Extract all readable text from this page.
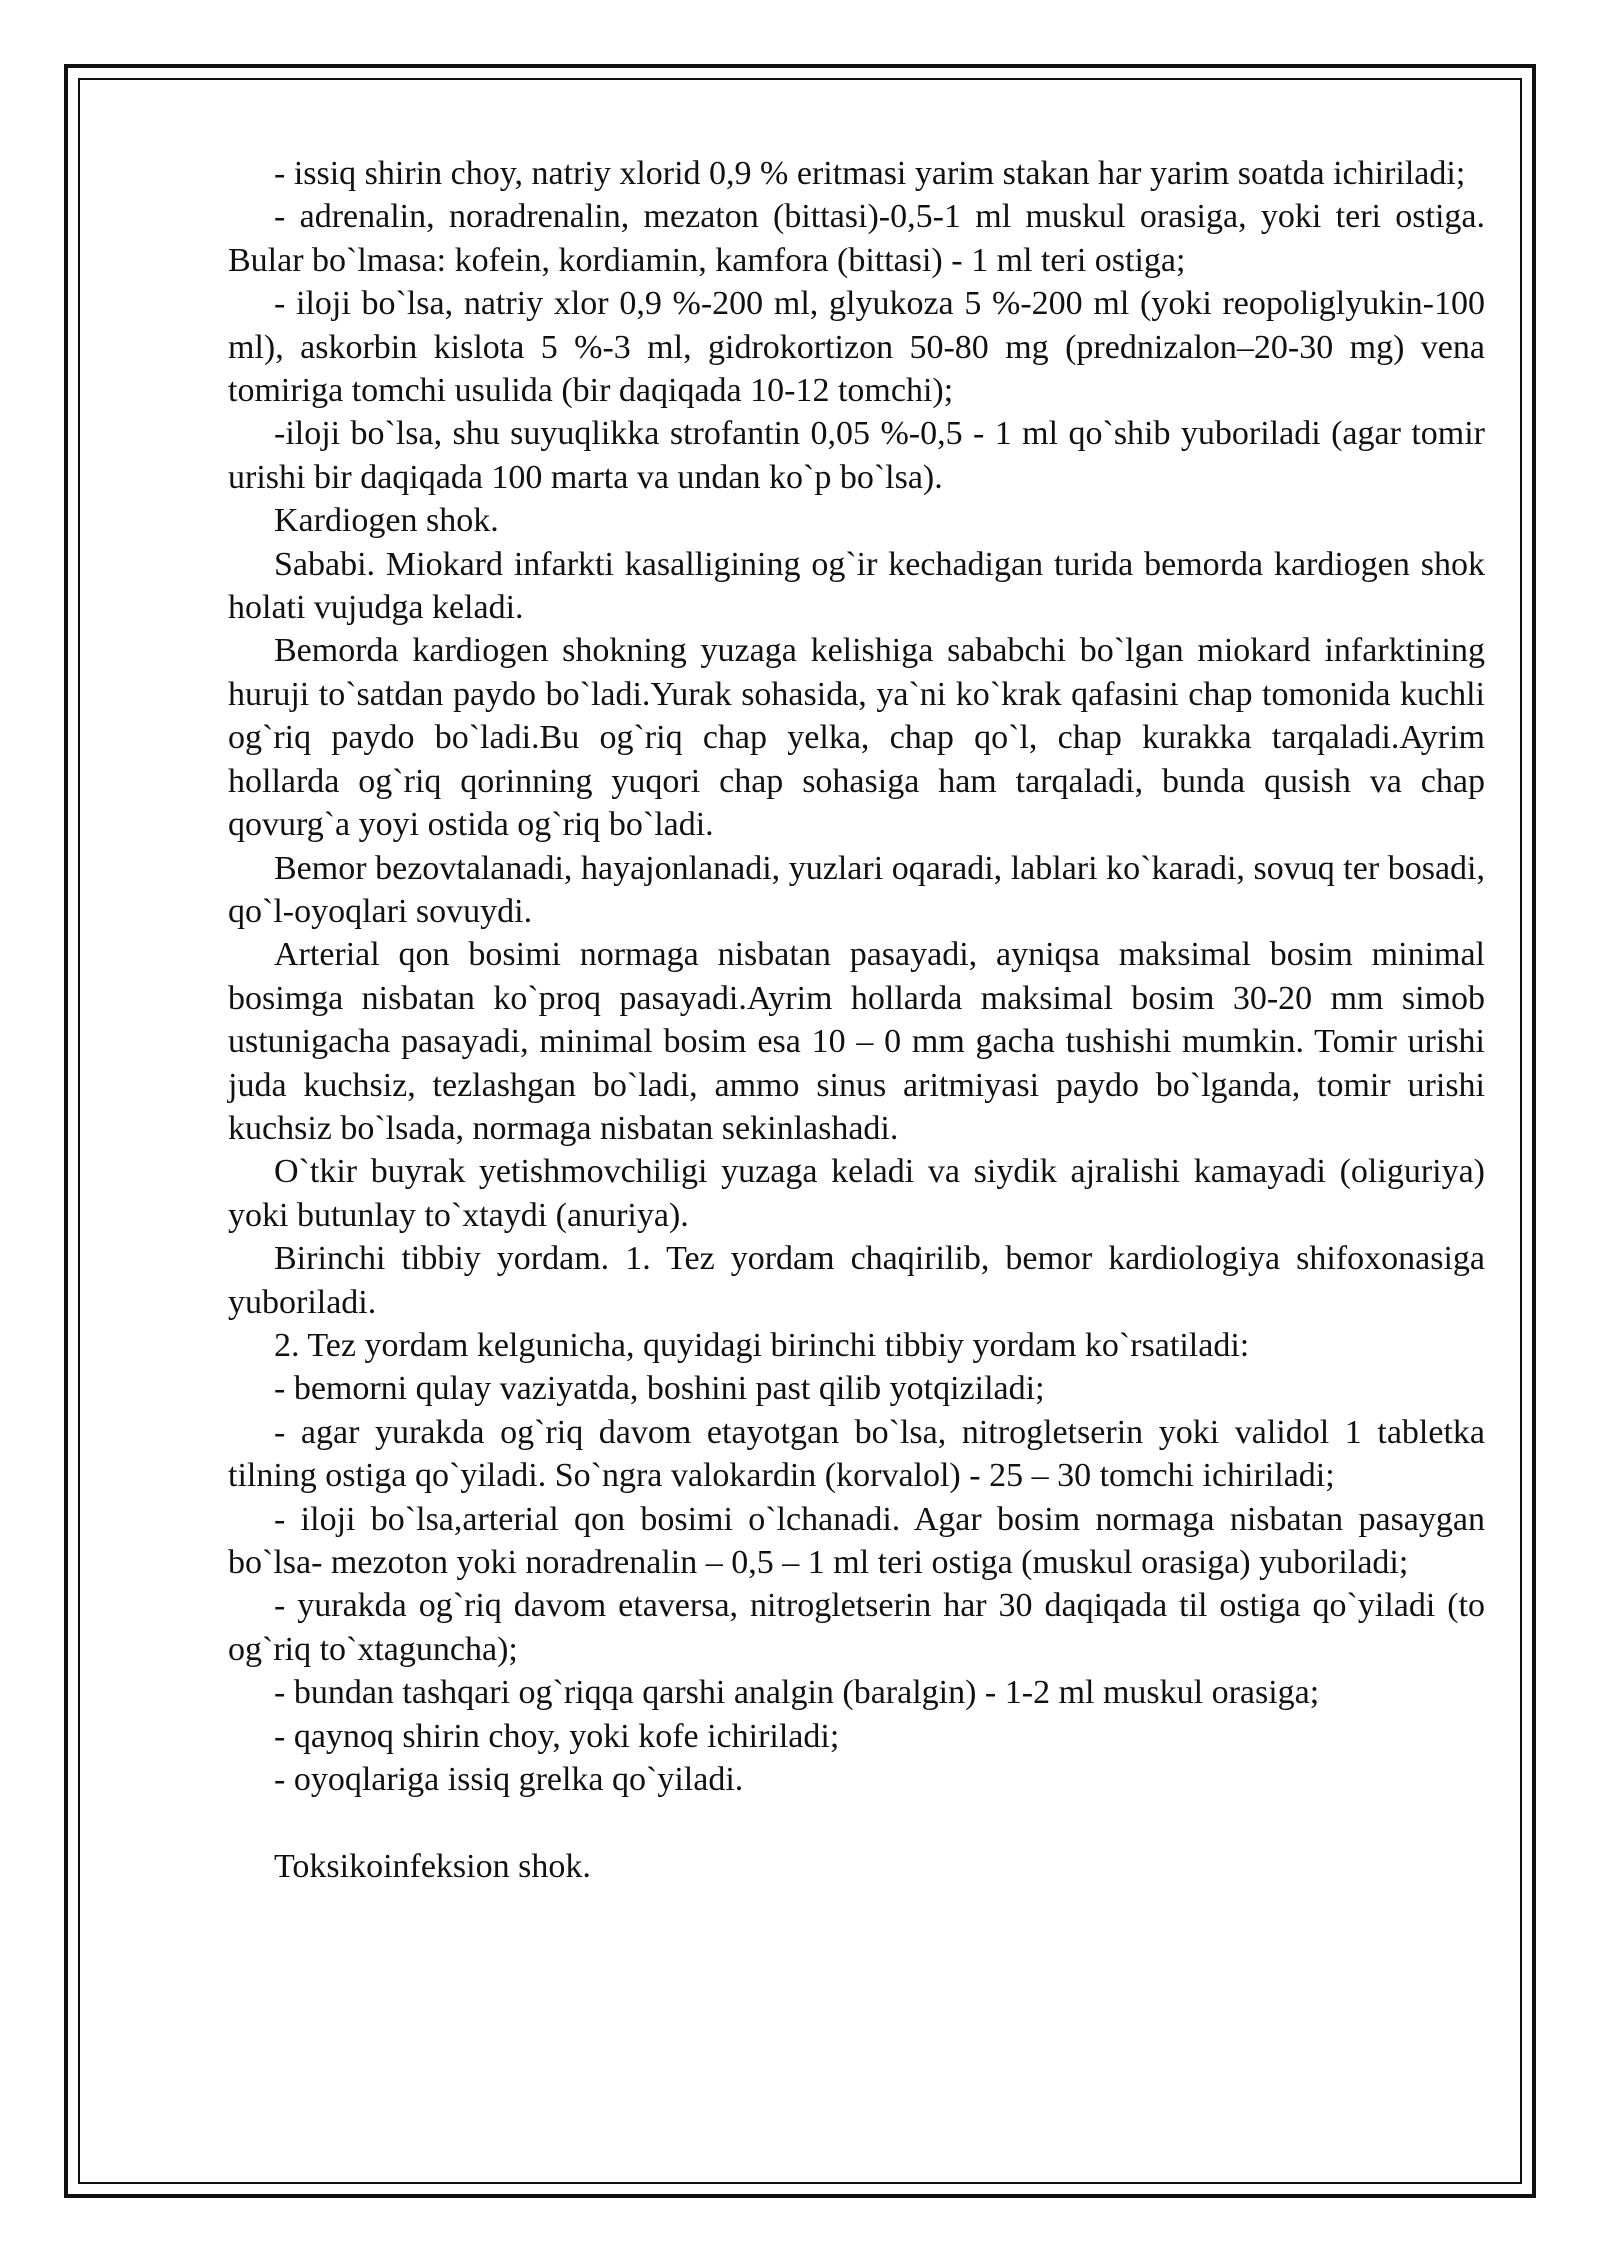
- issiq shirin choy, natriy xlorid 0,9 % eritmasi yarim stakan har yarim soatda ichiriladi;

- adrenalin, noradrenalin, mezaton (bittasi)-0,5-1 ml muskul orasiga, yoki teri ostiga. Bular bo`lmasa: kofein, kordiamin, kamfora (bittasi) - 1 ml teri ostiga;

- iloji bo`lsa, natriy xlor 0,9 %-200 ml, glyukoza 5 %-200 ml (yoki reopoliglyukin-100 ml), askorbin kislota 5 %-3 ml, gidrokortizon 50-80 mg (prednizalon–20-30 mg) vena tomiriga tomchi usulida (bir daqiqada 10-12 tomchi);

-iloji bo`lsa, shu suyuqlikka strofantin 0,05 %-0,5 - 1 ml qo`shib yuboriladi (agar tomir urishi bir daqiqada 100 marta va undan ko`p bo`lsa).

Kardiogen shok.

Sababi. Miokard infarkti kasalligining og`ir kechadigan turida bemorda kardiogen shok holati vujudga keladi.

Bemorda kardiogen shokning yuzaga kelishiga sababchi bo`lgan miokard infarktining huruji to`satdan paydo bo`ladi.Yurak sohasida, ya`ni ko`krak qafasini chap tomonida kuchli og`riq paydo bo`ladi.Bu og`riq chap yelka, chap qo`l, chap kurakka tarqaladi.Ayrim hollarda og`riq qorinning yuqori chap sohasiga ham tarqaladi, bunda qusish va chap qovurg`a yoyi ostida og`riq bo`ladi.

Bemor bezovtalanadi, hayajonlanadi, yuzlari oqaradi, lablari ko`karadi, sovuq ter bosadi, qo`l-oyoqlari sovuydi.

Arterial qon bosimi normaga nisbatan pasayadi, ayniqsa maksimal bosim minimal bosimga nisbatan ko`proq pasayadi.Ayrim hollarda maksimal bosim 30-20 mm simob ustunigacha pasayadi, minimal bosim esa 10 – 0 mm gacha tushishi mumkin. Tomir urishi juda kuchsiz, tezlashgan bo`ladi, ammo sinus aritmiyasi paydo bo`lganda, tomir urishi kuchsiz bo`lsada, normaga nisbatan sekinlashadi.

O`tkir buyrak yetishmovchiligi yuzaga keladi va siydik ajralishi kamayadi (oliguriya) yoki butunlay to`xtaydi (anuriya).

Birinchi tibbiy yordam. 1. Tez yordam chaqirilib, bemor kardiologiya shifoxonasiga yuboriladi.

2. Tez yordam kelgunicha, quyidagi birinchi tibbiy yordam ko`rsatiladi:

- bemorni qulay vaziyatda, boshini past qilib yotqiziladi;

- agar yurakda og`riq davom etayotgan bo`lsa, nitrogletserin yoki validol 1 tabletka tilning ostiga qo`yiladi. So`ngra valokardin (korvalol) - 25 – 30 tomchi ichiriladi;

- iloji bo`lsa,arterial qon bosimi o`lchanadi. Agar bosim normaga nisbatan pasaygan bo`lsa- mezoton yoki noradrenalin – 0,5 – 1 ml teri ostiga (muskul orasiga) yuboriladi;

- yurakda og`riq davom etaversa, nitrogletserin har 30 daqiqada til ostiga qo`yiladi (to og`riq to`xtaguncha);

- bundan tashqari og`riqqa qarshi analgin (baralgin) - 1-2 ml muskul orasiga;

- qaynoq shirin choy, yoki kofe ichiriladi;

- oyoqlariga issiq grelka qo`yiladi.

Toksikoinfeksion shok.
